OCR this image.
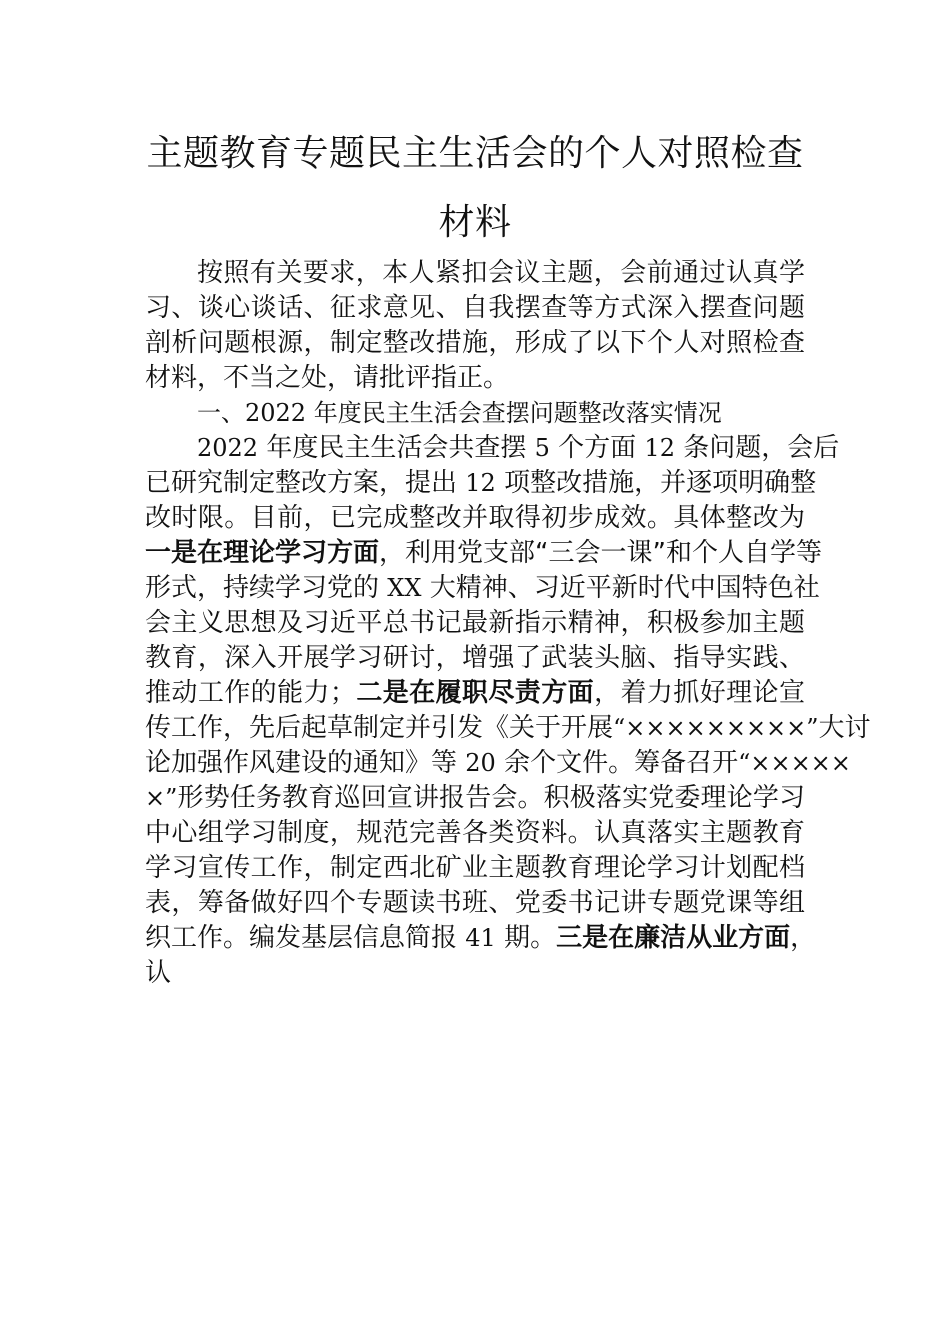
主题教育专题民主生活会的个人对照检查
材料
按照有关要求，本人紧扣会议主题，会前通过认真学
习、谈心谈话、征求意见、自我摆查等方式深入摆查问题
剖析问题根源，制定整改措施，形成了以下个人对照检查
材料，不当之处，请批评指正。
一、2022 年度民主生活会查摆问题整改落实情况
2022 年度民主生活会共查摆 5 个方面 12 条问题，会后
已研究制定整改方案，提出 12 项整改措施，并逐项明确整
改时限。目前，已完成整改并取得初步成效。具体整改为
一是在理论学习方面，利用党支部“三会一课”和个人自学等
形式，持续学习党的 XX 大精神、习近平新时代中国特色社
会主义思想及习近平总书记最新指示精神，积极参加主题
教育，深入开展学习研讨，增强了武装头脑、指导实践、
推动工作的能力；二是在履职尽责方面，着力抓好理论宣
传工作，先后起草制定并引发《关于开展“×××××××××”大讨
论加强作风建设的通知》等 20 余个文件。筹备召开“×××××
×”形势任务教育巡回宣讲报告会。积极落实党委理论学习
中心组学习制度，规范完善各类资料。认真落实主题教育
学习宣传工作，制定西北矿业主题教育理论学习计划配档
表，筹备做好四个专题读书班、党委书记讲专题党课等组
织工作。编发基层信息简报 41 期。三是在廉洁从业方面，
认
